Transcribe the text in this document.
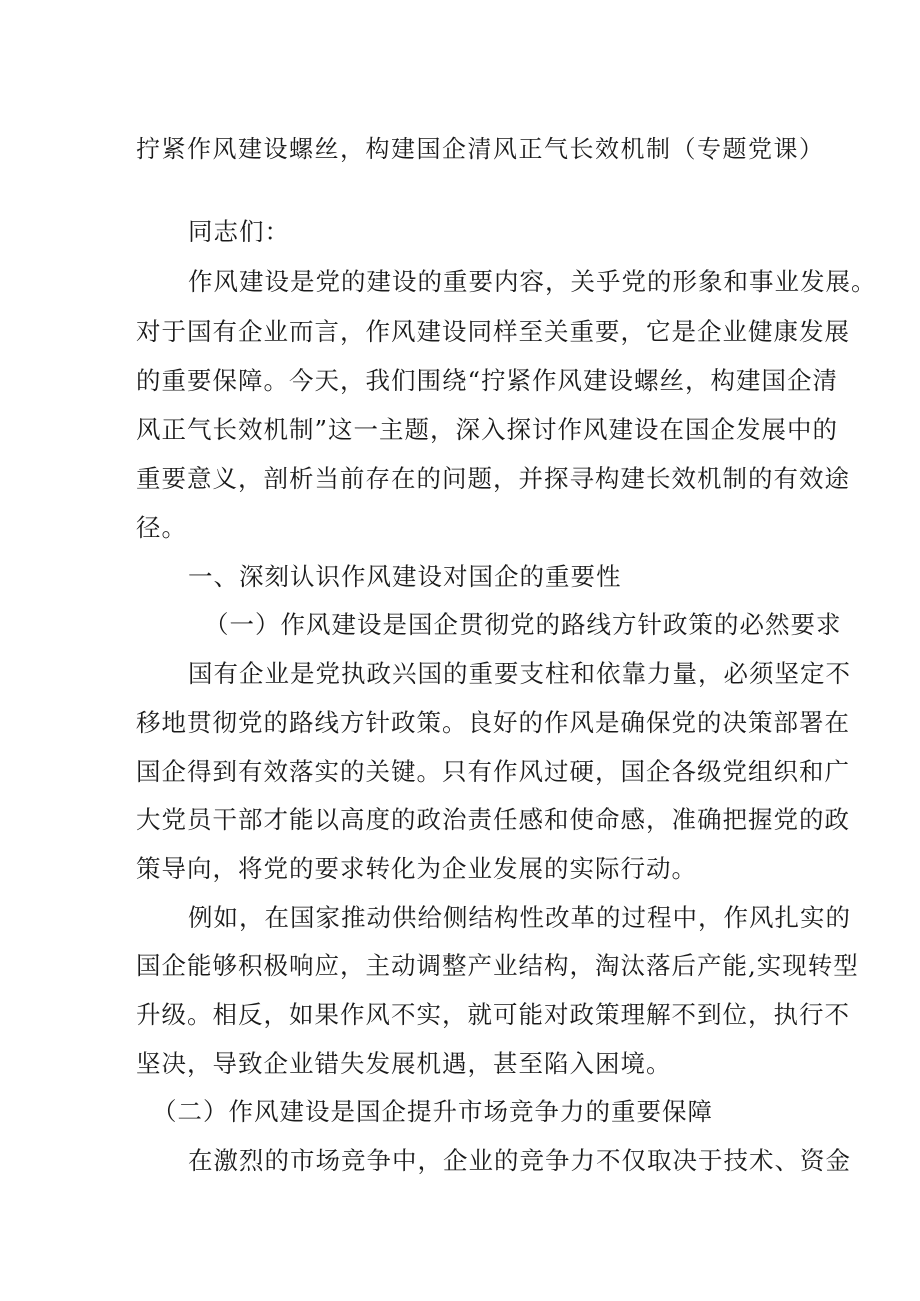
拧紧作风建设螺丝，构建国企清风正气长效机制（专题党课）
同志们：
作风建设是党的建设的重要内容，关乎党的形象和事业发展。
对于国有企业而言，作风建设同样至关重要，它是企业健康发展
的重要保障。今天，我们围绕“拧紧作风建设螺丝，构建国企清
风正气长效机制”这一主题，深入探讨作风建设在国企发展中的
重要意义，剖析当前存在的问题，并探寻构建长效机制的有效途
径。
一、深刻认识作风建设对国企的重要性
（一）作风建设是国企贯彻党的路线方针政策的必然要求
国有企业是党执政兴国的重要支柱和依靠力量，必须坚定不
移地贯彻党的路线方针政策。良好的作风是确保党的决策部署在
国企得到有效落实的关键。只有作风过硬，国企各级党组织和广
大党员干部才能以高度的政治责任感和使命感，准确把握党的政
策导向，将党的要求转化为企业发展的实际行动。
例如，在国家推动供给侧结构性改革的过程中，作风扎实的
国企能够积极响应，主动调整产业结构，淘汰落后产能,实现转型
升级。相反，如果作风不实，就可能对政策理解不到位，执行不
坚决，导致企业错失发展机遇，甚至陷入困境。
（二）作风建设是国企提升市场竞争力的重要保障
在激烈的市场竞争中，企业的竞争力不仅取决于技术、资金
